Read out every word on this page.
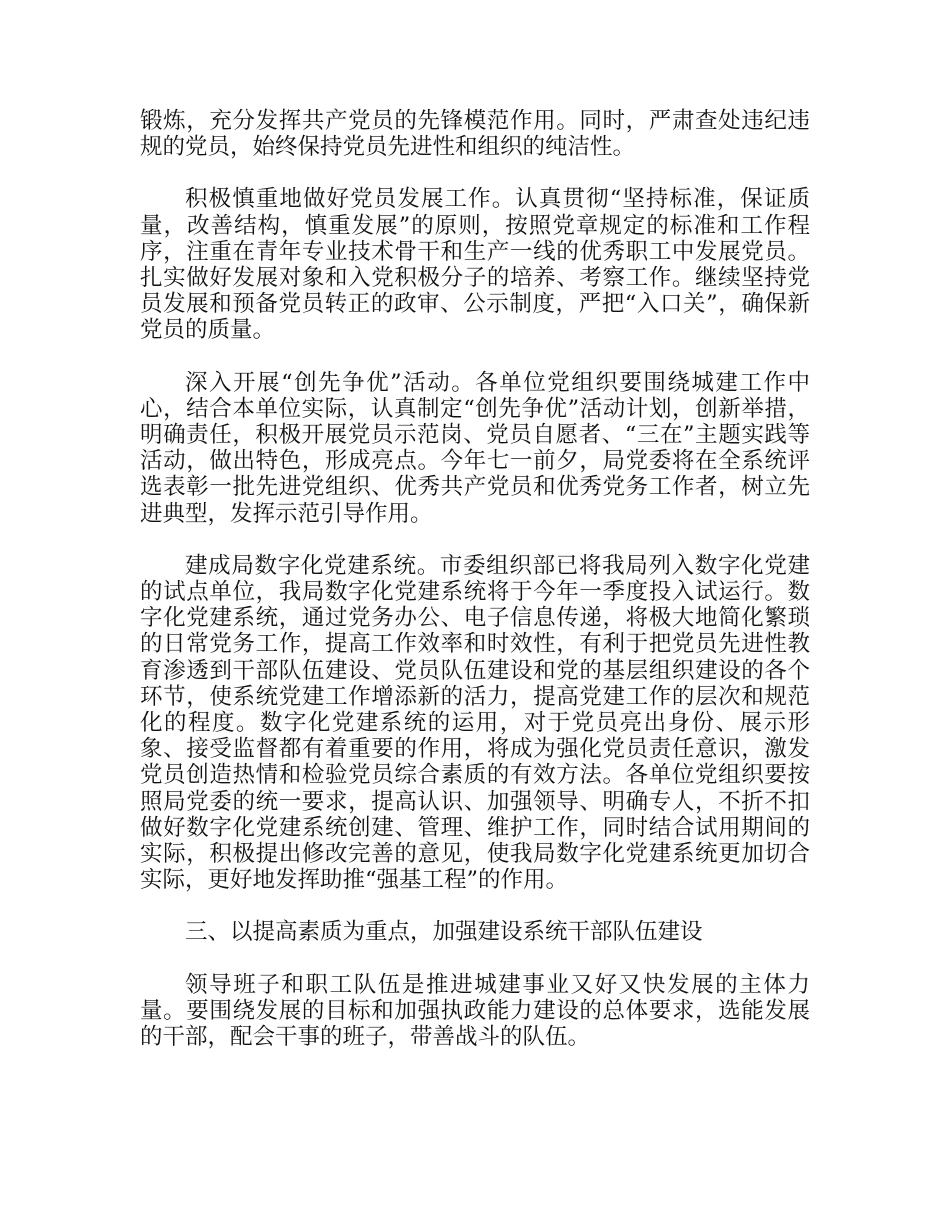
锻炼，充分发挥共产党员的先锋模范作用。同时，严肃查处违纪违规的党员，始终保持党员先进性和组织的纯洁性。

积极慎重地做好党员发展工作。认真贯彻“坚持标准，保证质量，改善结构，慎重发展”的原则，按照党章规定的标准和工作程序，注重在青年专业技术骨干和生产一线的优秀职工中发展党员。扎实做好发展对象和入党积极分子的培养、考察工作。继续坚持党员发展和预备党员转正的政审、公示制度，严把“入口关”，确保新党员的质量。

深入开展“创先争优”活动。各单位党组织要围绕城建工作中心，结合本单位实际，认真制定“创先争优”活动计划，创新举措，明确责任，积极开展党员示范岗、党员自愿者、“三在”主题实践等活动，做出特色，形成亮点。今年七一前夕，局党委将在全系统评选表彰一批先进党组织、优秀共产党员和优秀党务工作者，树立先进典型，发挥示范引导作用。

建成局数字化党建系统。市委组织部已将我局列入数字化党建的试点单位，我局数字化党建系统将于今年一季度投入试运行。数字化党建系统，通过党务办公、电子信息传递，将极大地简化繁琐的日常党务工作，提高工作效率和时效性，有利于把党员先进性教育渗透到干部队伍建设、党员队伍建设和党的基层组织建设的各个环节，使系统党建工作增添新的活力，提高党建工作的层次和规范化的程度。数字化党建系统的运用，对于党员亮出身份、展示形象、接受监督都有着重要的作用，将成为强化党员责任意识，激发党员创造热情和检验党员综合素质的有效方法。各单位党组织要按照局党委的统一要求，提高认识、加强领导、明确专人，不折不扣做好数字化党建系统创建、管理、维护工作，同时结合试用期间的实际，积极提出修改完善的意见，使我局数字化党建系统更加切合实际，更好地发挥助推“强基工程”的作用。

三、以提高素质为重点，加强建设系统干部队伍建设

领导班子和职工队伍是推进城建事业又好又快发展的主体力量。要围绕发展的目标和加强执政能力建设的总体要求，选能发展的干部，配会干事的班子，带善战斗的队伍。
